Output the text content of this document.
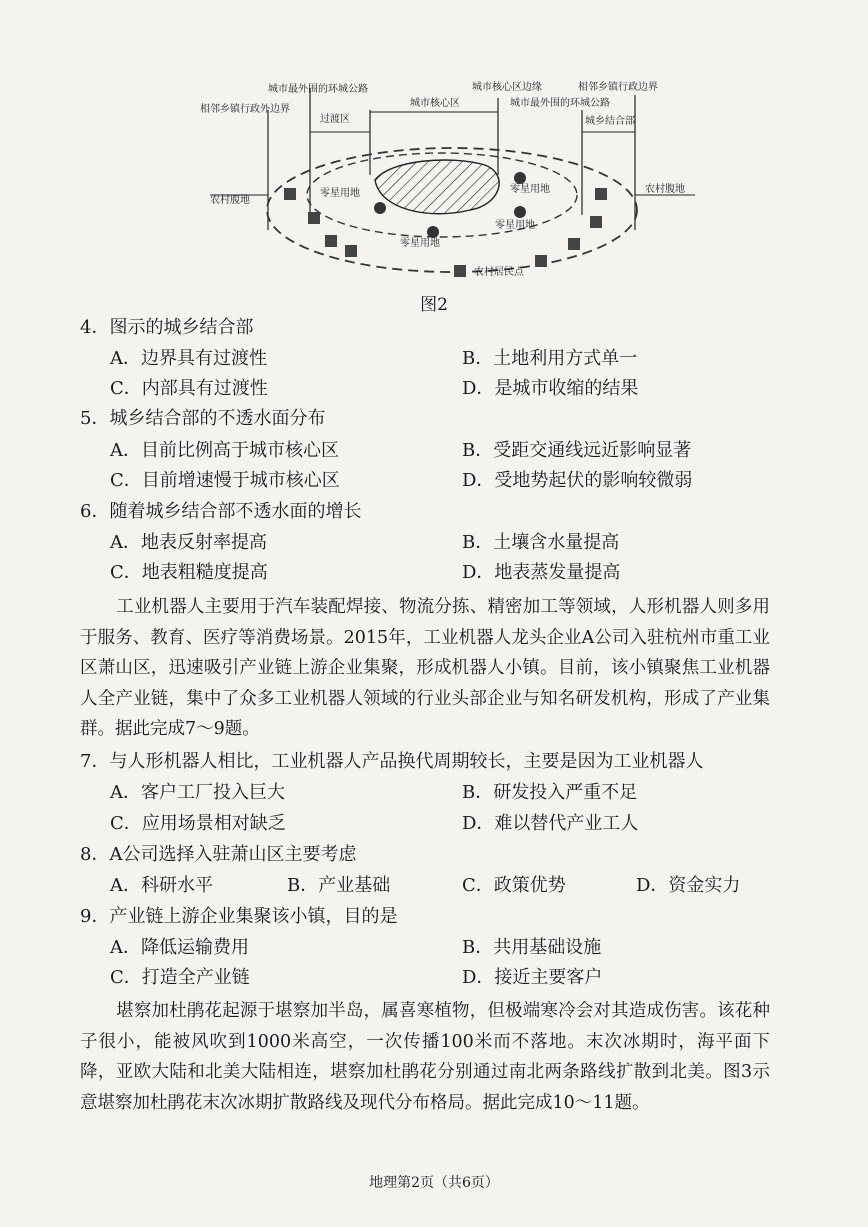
城市最外围的环城公路
相邻乡镇行政外边界
过渡区
城市核心区
城市核心区边缘	相邻乡镇行政边界
城市最外围的环城公路
城乡结合部
农村腹地
农村腹地
零星用地	零星用地
零星用地
零星用地
农村居民点
图2
4．图示的城乡结合部
A．边界具有过渡性	B．土地利用方式单一
C．内部具有过渡性	D．是城市收缩的结果
5．城乡结合部的不透水面分布
A．目前比例高于城市核心区	B．受距交通线远近影响显著
C．目前增速慢于城市核心区	D．受地势起伏的影响较微弱
6．随着城乡结合部不透水面的增长
A．地表反射率提高	B．土壤含水量提高
C．地表粗糙度提高	D．地表蒸发量提高
工业机器人主要用于汽车装配焊接、物流分拣、精密加工等领域，人形机器人则多用于服务、教育、医疗等消费场景。2015年，工业机器人龙头企业A公司入驻杭州市重工业区萧山区，迅速吸引产业链上游企业集聚，形成机器人小镇。目前，该小镇聚焦工业机器人全产业链，集中了众多工业机器人领域的行业头部企业与知名研发机构，形成了产业集群。据此完成7～9题。
7．与人形机器人相比，工业机器人产品换代周期较长，主要是因为工业机器人
A．客户工厂投入巨大	B．研发投入严重不足
C．应用场景相对缺乏	D．难以替代产业工人
8．A公司选择入驻萧山区主要考虑
A．科研水平	B．产业基础	C．政策优势	D．资金实力
9．产业链上游企业集聚该小镇，目的是
A．降低运输费用	B．共用基础设施
C．打造全产业链	D．接近主要客户
堪察加杜鹃花起源于堪察加半岛，属喜寒植物，但极端寒冷会对其造成伤害。该花种子很小，能被风吹到1000米高空，一次传播100米而不落地。末次冰期时，海平面下降，亚欧大陆和北美大陆相连，堪察加杜鹃花分别通过南北两条路线扩散到北美。图3示意堪察加杜鹃花末次冰期扩散路线及现代分布格局。据此完成10～11题。
地理第2页（共6页）
